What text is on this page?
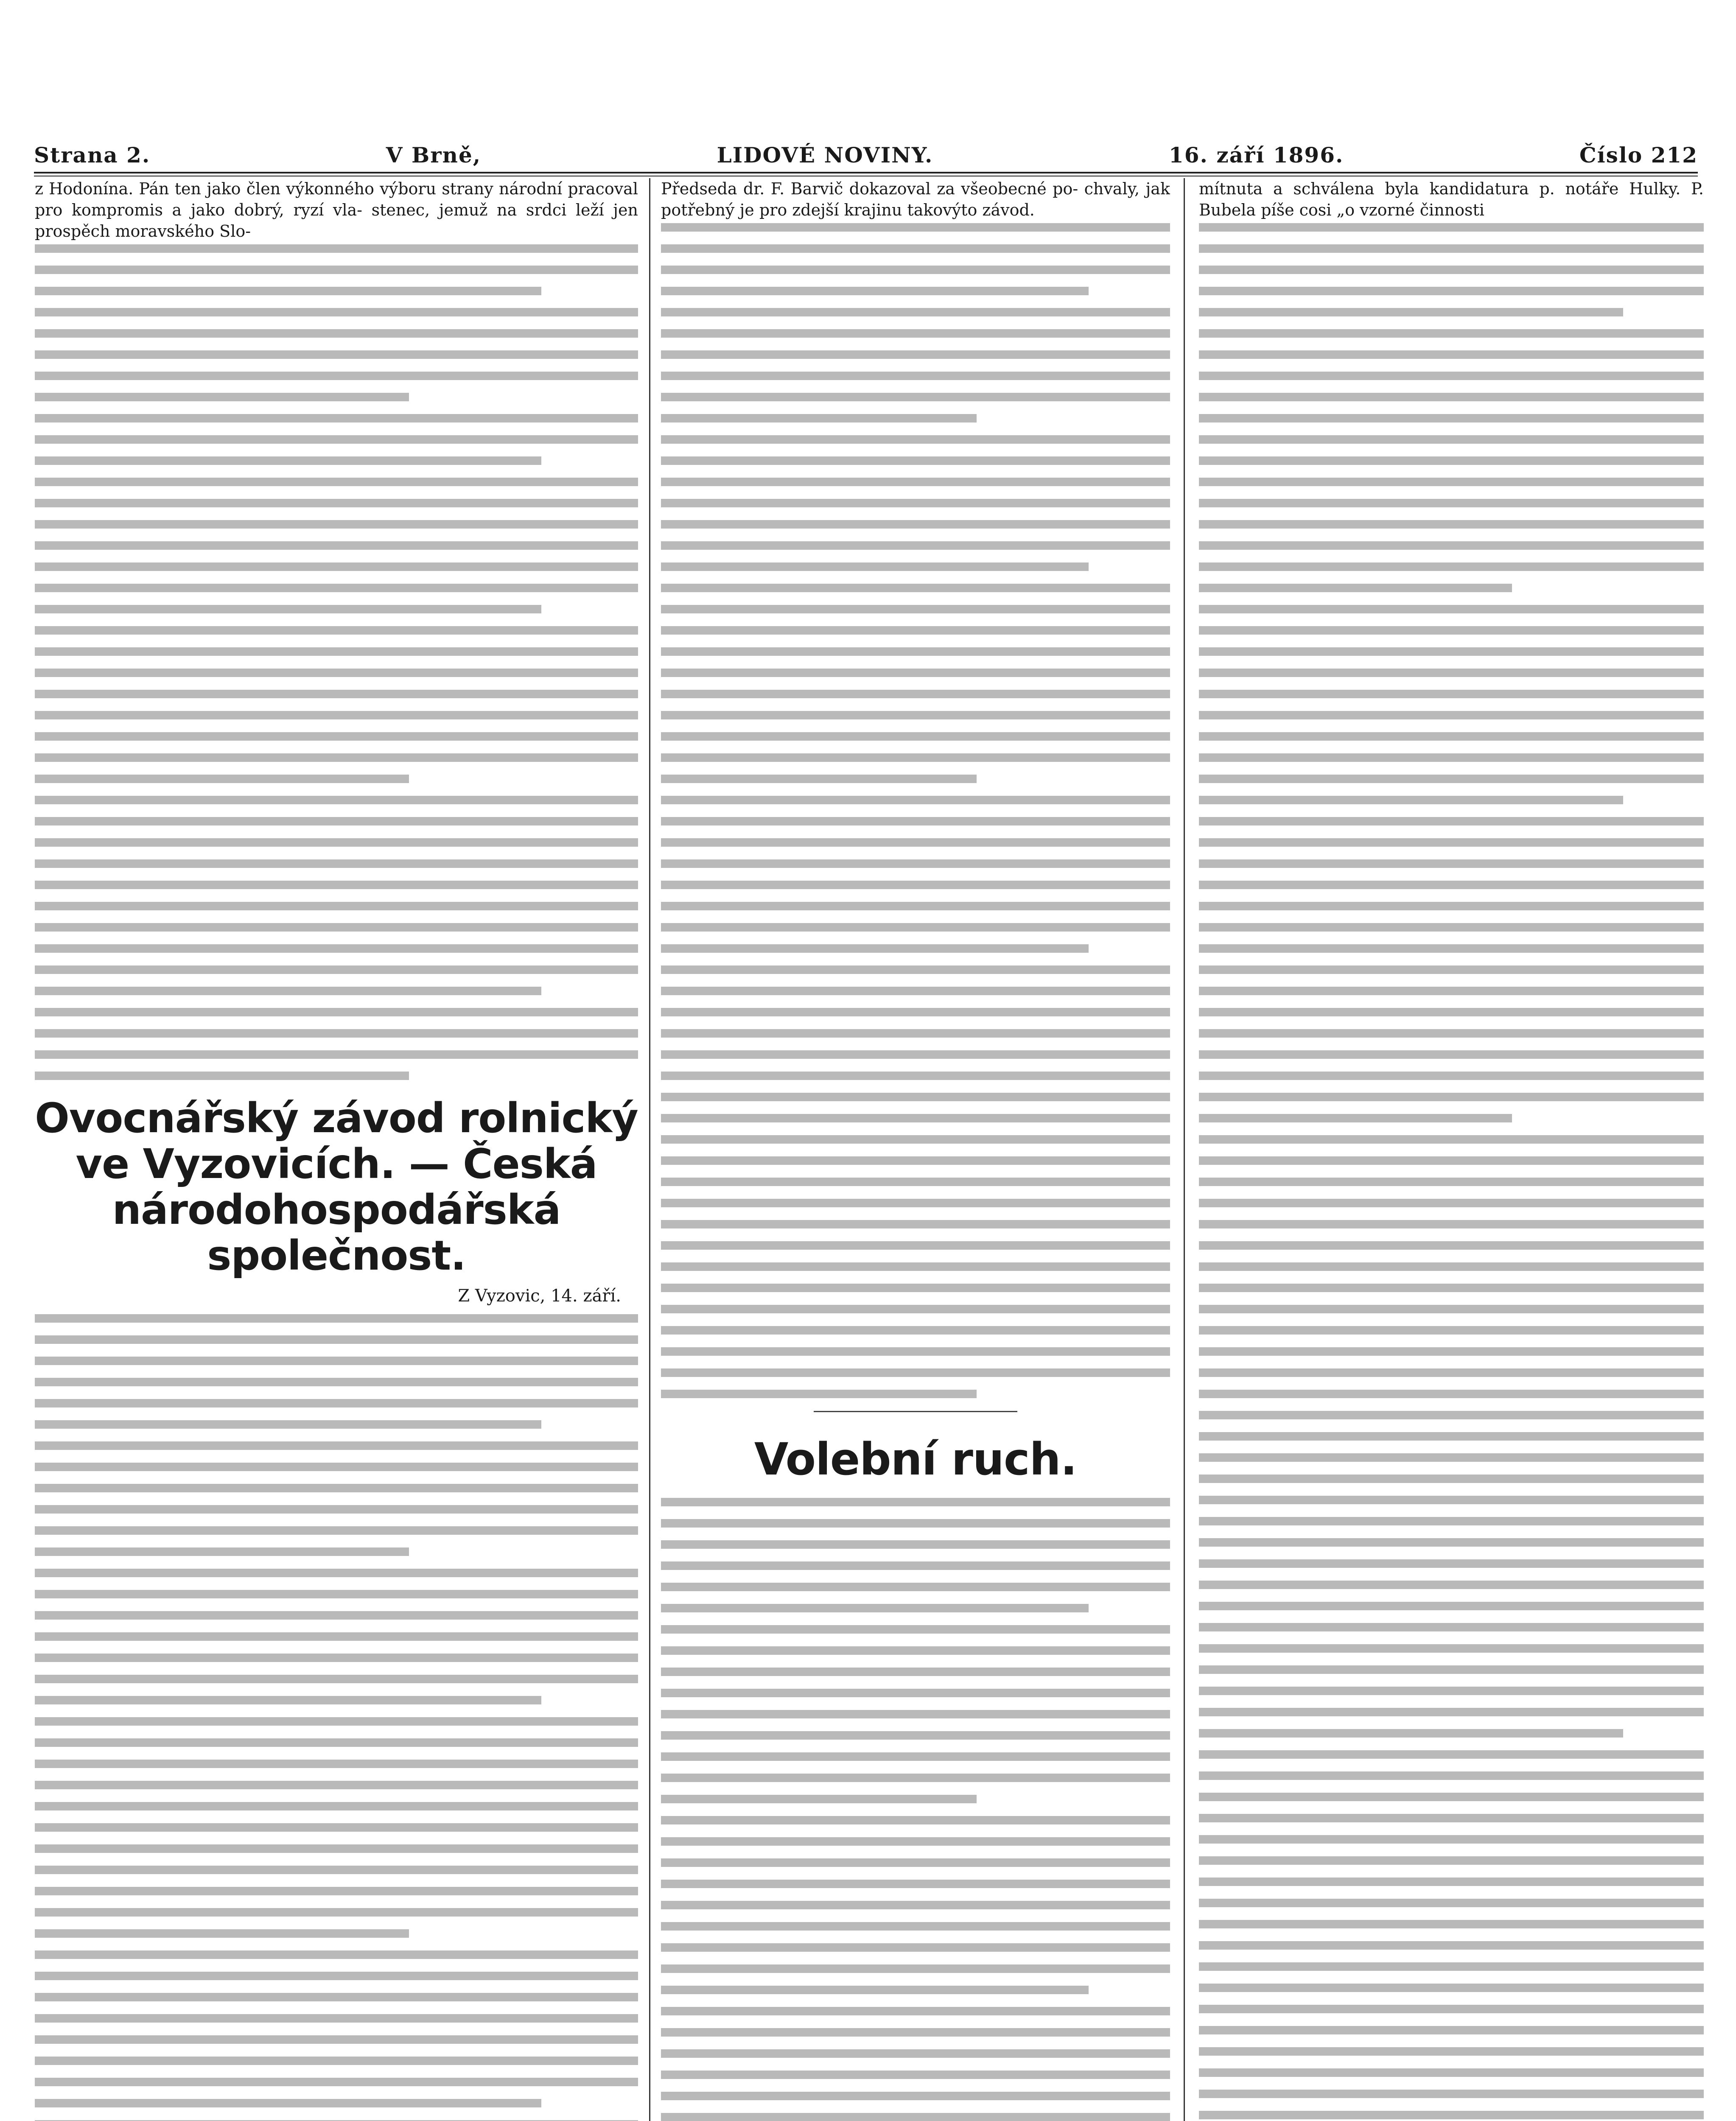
Strana 2.	V Brně,	LIDOVÉ NOVINY.	16. září 1896.	Číslo 212

z Hodonína. Pán ten jako člen výkonného výboru strany národní pracoval pro kompromis a jako dobrý, ryzí vla- stenec, jemuž na srdci leží jen prospěch moravského Slo-

Ovocnářský závod rolnický ve Vyzovicích. — Česká národohospodářská společnost.
Z Vyzovic, 14. září.

Předseda dr. F. Barvič dokazoval za všeobecné po- chvaly, jak potřebný je pro zdejší krajinu takovýto závod.

Volební ruch.

mítnuta a schválena byla kandidatura p. notáře Hulky. P. Bubela píše cosi „o vzorné činnosti
